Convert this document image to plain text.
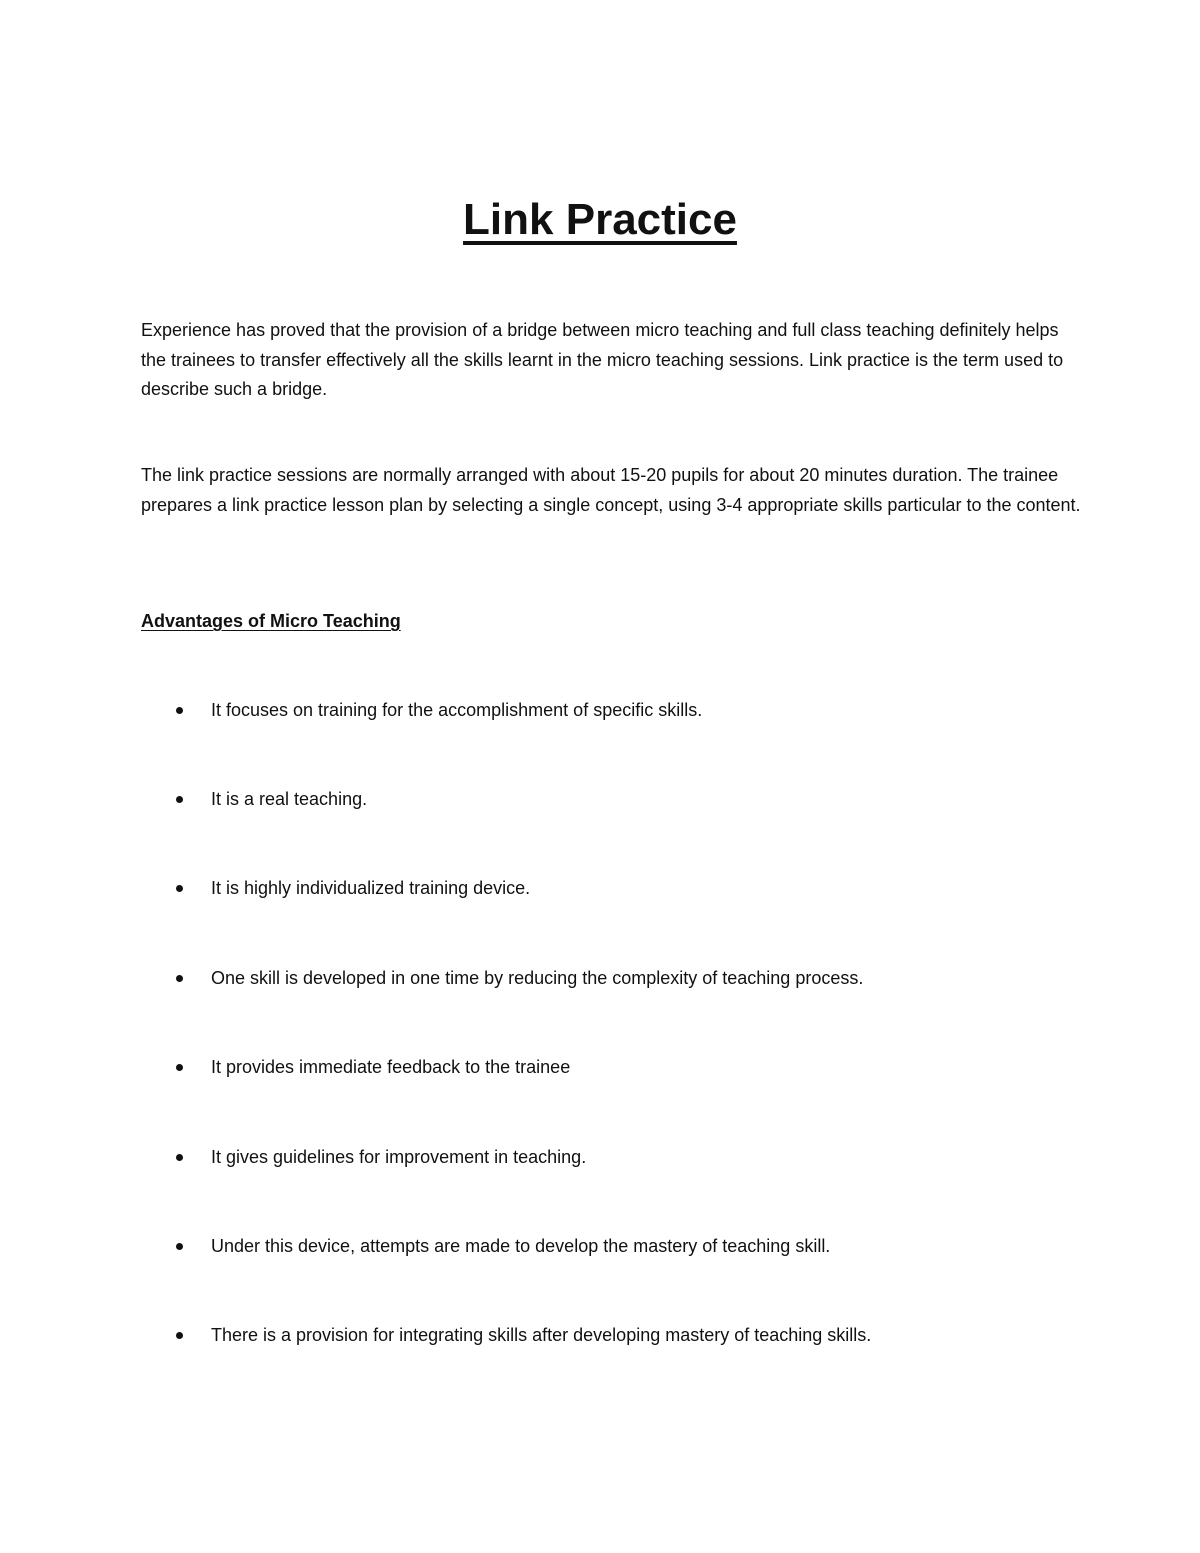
Link Practice

Experience has proved that the provision of a bridge between micro teaching and full class teaching definitely helps the trainees to transfer effectively all the skills learnt in the micro teaching sessions. Link practice is the term used to describe such a bridge.

The link practice sessions are normally arranged with about 15-20 pupils for about 20 minutes duration. The trainee prepares a link practice lesson plan by selecting a single concept, using 3-4 appropriate skills particular to the content.

Advantages of Micro Teaching
It focuses on training for the accomplishment of specific skills.
It is a real teaching.
It is highly individualized training device.
One skill is developed in one time by reducing the complexity of teaching process.
It provides immediate feedback to the trainee
It gives guidelines for improvement in teaching.
Under this device, attempts are made to develop the mastery of teaching skill.
There is a provision for integrating skills after developing mastery of teaching skills.
